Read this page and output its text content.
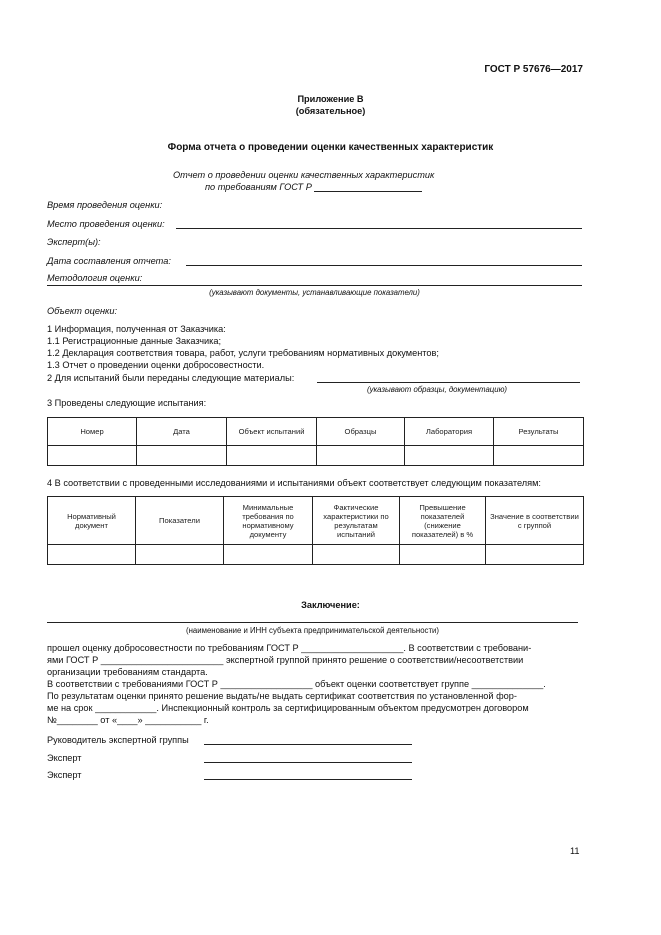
ГОСТ Р 57676—2017
Приложение В
(обязательное)
Форма отчета о проведении оценки качественных характеристик
Отчет о проведении оценки качественных характеристик
по требованиям ГОСТ Р
Время проведения оценки:
Место проведения оценки:
Эксперт(ы):
Дата составления отчета:
Методология оценки:
(указывают документы, устанавливающие показатели)
Объект оценки:
1 Информация, полученная от Заказчика:
1.1 Регистрационные данные Заказчика;
1.2 Декларация соответствия товара, работ, услуги требованиям нормативных документов;
1.3 Отчет о проведении оценки добросовестности.
2 Для испытаний были переданы следующие материалы:
(указывают образцы, документацию)
3 Проведены следующие испытания:
Номер	Дата	Объект испытаний	Образцы	Лаборатория	Результаты

4 В соответствии с проведенными исследованиями и испытаниями объект соответствует следующим показателям:
Нормативный документ	Показатели	Минимальные требования по нормативному документу	Фактические характеристики по результатам испытаний	Превышение показателей (снижение показателей) в %	Значение в соответствии с группой

Заключение:
(наименование и ИНН субъекта предпринимательской деятельности)
прошел оценку добросовестности по требованиям ГОСТ Р ____________________. В соответствии с требовани-
ями ГОСТ Р ________________________ экспертной группой принято решение о соответствии/несоответствии
организации требованиям стандарта.
В соответствии с требованиями ГОСТ Р __________________ объект оценки соответствует группе ______________.
По результатам оценки принято решение выдать/не выдать сертификат соответствия по установленной фор-
ме на срок ____________. Инспекционный контроль за сертифицированным объектом предусмотрен договором
№________ от «____» ___________ г.
Руководитель экспертной группы
Эксперт
Эксперт
11
